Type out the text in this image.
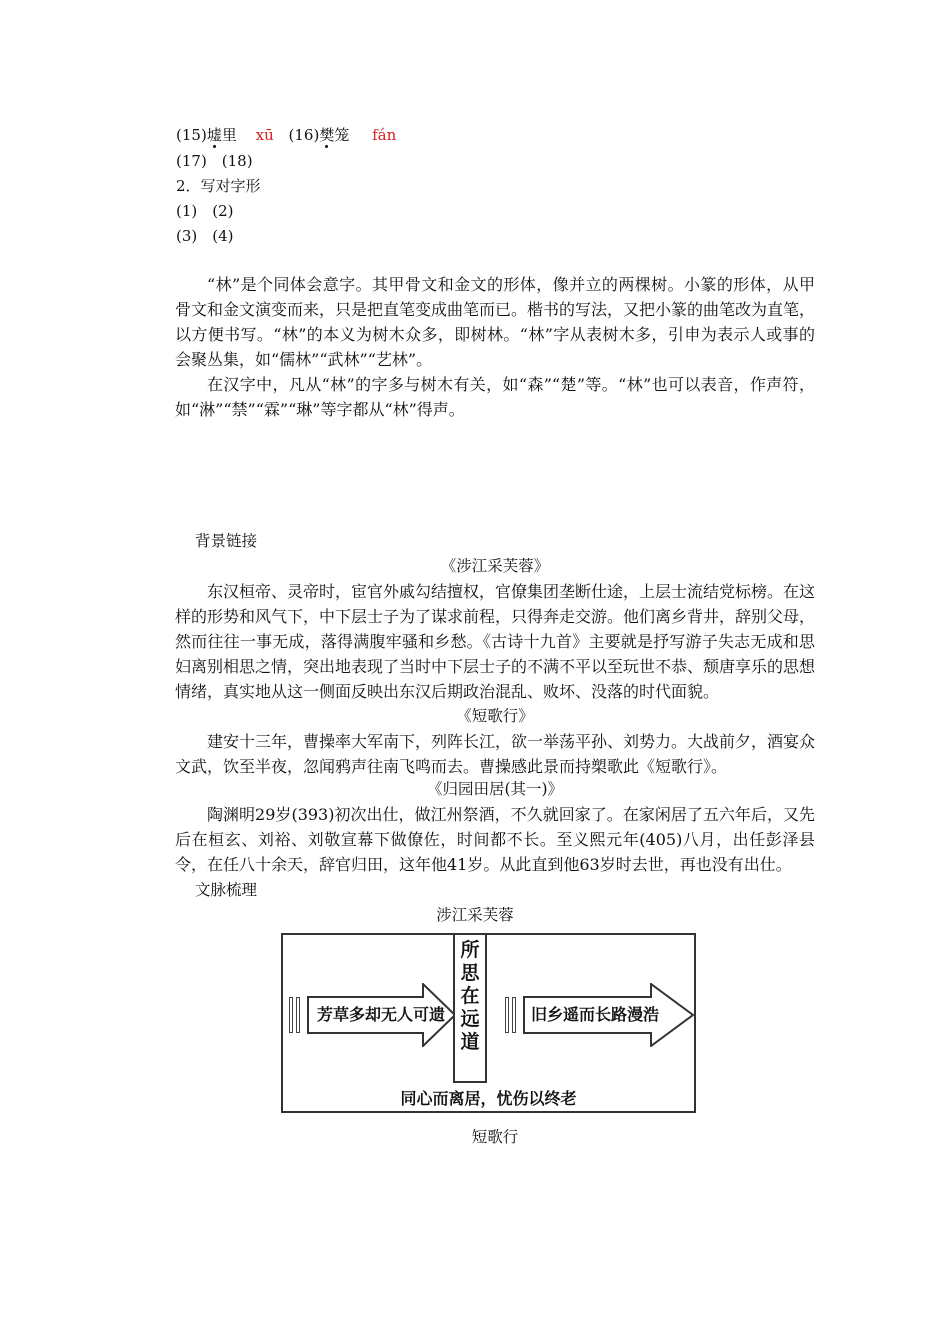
(15)墟里 xū (16)樊笼 fán
(17)　(18)
2．写对字形
(1)　(2)
(3)　(4)

“林”是个同体会意字。其甲骨文和金文的形体，像并立的两棵树。小篆的形体，从甲骨文和金文演变而来，只是把直笔变成曲笔而已。楷书的写法，又把小篆的曲笔改为直笔，以方便书写。“林”的本义为树木众多，即树林。“林”字从表树木多，引申为表示人或事的会聚丛集，如“儒林”“武林”“艺林”。

在汉字中，凡从“林”的字多与树木有关，如“森”“楚”等。“林”也可以表音，作声符，如“淋”“禁”“霖”“琳”等字都从“林”得声。

背景链接
《涉江采芙蓉》

东汉桓帝、灵帝时，宦官外戚勾结擅权，官僚集团垄断仕途，上层士流结党标榜。在这样的形势和风气下，中下层士子为了谋求前程，只得奔走交游。他们离乡背井，辞别父母，然而往往一事无成，落得满腹牢骚和乡愁。《古诗十九首》主要就是抒写游子失志无成和思妇离别相思之情，突出地表现了当时中下层士子的不满不平以至玩世不恭、颓唐享乐的思想情绪，真实地从这一侧面反映出东汉后期政治混乱、败坏、没落的时代面貌。

《短歌行》

建安十三年，曹操率大军南下，列阵长江，欲一举荡平孙、刘势力。大战前夕，酒宴众文武，饮至半夜，忽闻鸦声往南飞鸣而去。曹操感此景而持槊歌此《短歌行》。

《归园田居(其一)》

陶渊明29岁(393)初次出仕，做江州祭酒，不久就回家了。在家闲居了五六年后，又先后在桓玄、刘裕、刘敬宣幕下做僚佐，时间都不长。至义熙元年(405)八月，出任彭泽县令，在任八十余天，辞官归田，这年他41岁。从此直到他63岁时去世，再也没有出仕。

文脉梳理
涉江采芙蓉
芳草多却无人可遗
所
思
在
远
道
旧乡遥而长路漫浩
同心而离居，忧伤以终老
短歌行
